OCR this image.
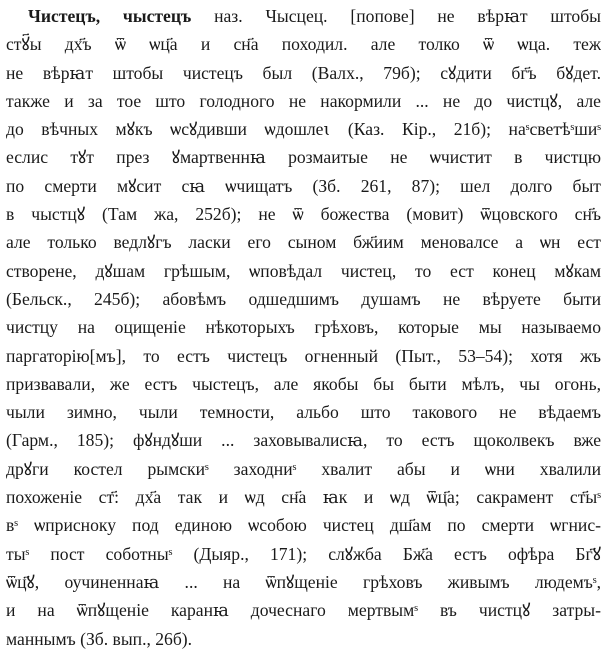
Чистецъ, чыстецъ наз. Чысцец. [попове] не вѣрꙗт штобы
стꙋ҃ы дх҃ъ ѿ ѡц҃а и сн҃а походил. але толко ѿ ѡца. теж
не вѣрꙗт штобы чистецъ был (Валх., 79б); сꙋдити бг҃ъ бꙋдет.
также и за тое што голодного не накормили ... не до чистцꙋ, але
до вѣчных мꙋкъ ѡсꙋдивши ѡдошлеꙇ (Каз. Кір., 21б); наˢсветѣˢшиˢ
еслис тꙋт през ꙋмартвеннꙗ розмаитые не ѡчистит в чистцю
по смерти мꙋсит сꙗ ѡчищатъ (Зб. 261, 87); шел долго быт
в чыстцꙋ (Там жа, 252б); не ѿ божества (мовит) ѿцовского сн҃ъ
але только ведлꙋгъ ласки его сыном бж҃иим меновалсе а ѡн ест
створене, дꙋшам грѣшым, ѡповѣдал чистец, то ест конец мꙋкам
(Бельск., 245б); абовѣмъ одшедшимъ душамъ не вѣруете быти
чистцу на оцищеніе нѣкоторыхъ грѣховъ, которые мы называемо
паргаторію[мъ], то естъ чистецъ огненный (Пыт., 53–54); хотя жъ
призвавали, же естъ чыстецъ, але якобы бы быти мѣлъ, чы огонь,
чыли зимно, чыли темности, альбо што такового не вѣдаемъ
(Гарм., 185); фꙋндꙋши ... заховывалисꙗ, то естъ щоколвекъ вже
дрꙋги костел рымскиˢ заходниˢ хвалит абы и ѡни хвалили
похоженіе ст҃: дх҃а так и ѡд сн҃а ꙗк и ѡд ѿц҃а; сакрамент ст҃ыˢ
вˢ ѡприсноку под единою ѡсобою чистец дш҃ам по смерти ѡгнис-
тыˢ пост соботныˢ (Дыяр., 171); слꙋжба Бж҃а естъ офѣра Бг҃ꙋ
ѿц҃ꙋ, оучиненнаꙗ ... на ѿпꙋщеніе грѣховъ живымъ людемъˢ,
и на ѿпꙋщеніе каранꙗ дочеснаго мертвымˢ въ чистцꙋ затры-
маннымъ (Зб. вып., 26б).
